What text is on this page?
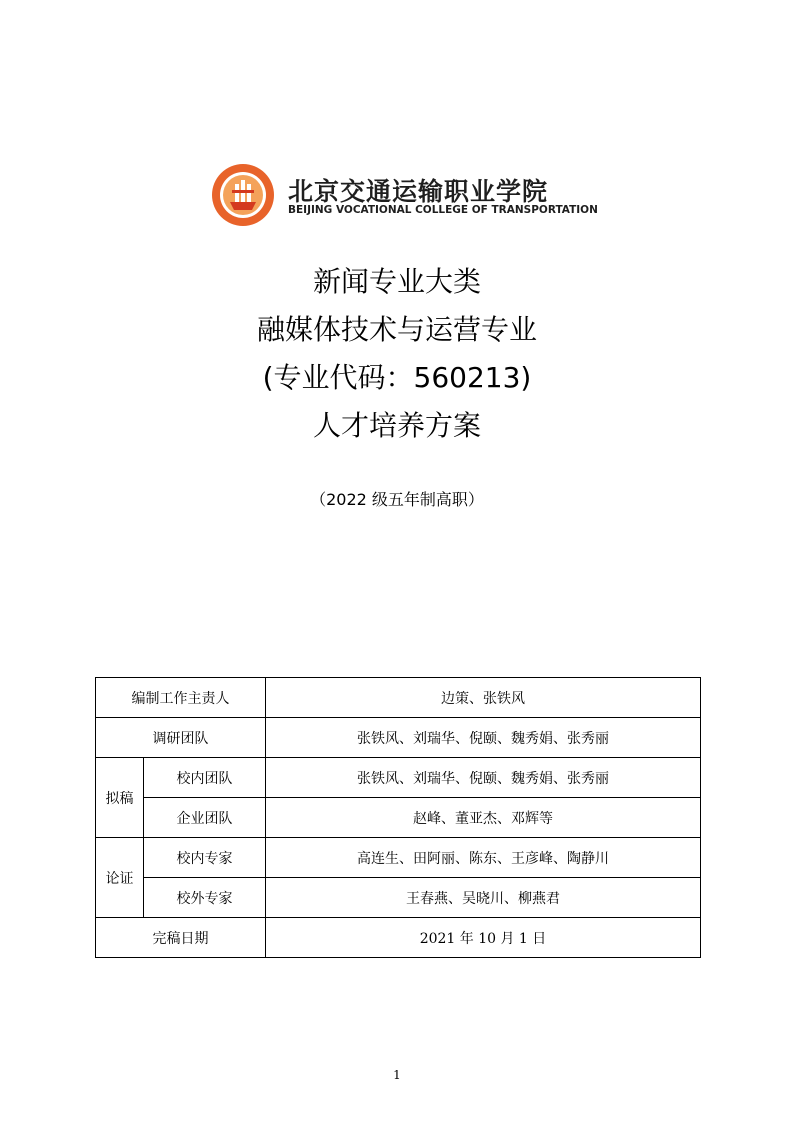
北京交通运输职业学院
BEIJING VOCATIONAL COLLEGE OF TRANSPORTATION
新闻专业大类
融媒体技术与运营专业
(专业代码：560213)
人才培养方案
（2022 级五年制高职）
编制工作主责人		边策、张铁风
调研团队		张铁风、刘瑞华、倪颐、魏秀娟、张秀丽
拟稿	校内团队	张铁风、刘瑞华、倪颐、魏秀娟、张秀丽
	企业团队	赵峰、董亚杰、邓辉等
论证	校内专家	高连生、田阿丽、陈东、王彦峰、陶静川
	校外专家	王春燕、吴晓川、柳燕君
完稿日期		2021 年 10 月 1 日
1
